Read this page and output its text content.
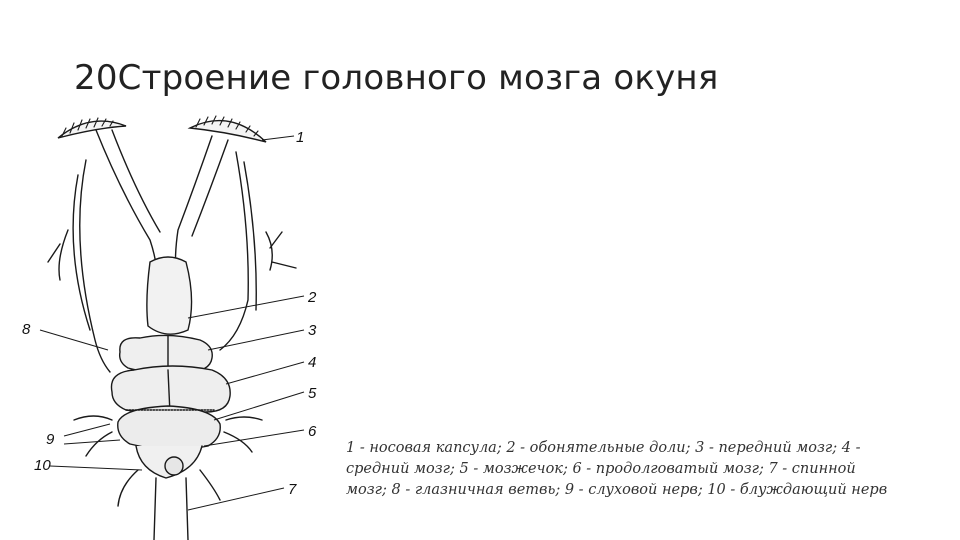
20Строение головного мозга окуня
1
2
3
4
5
6
7
8
9
10
1 - носовая капсула; 2 - обонятельные доли; 3 - передний мозг; 4 -
средний мозг; 5 - мозжечок; 6 - продолговатый мозг; 7 - спинной
мозг; 8 - глазничная ветвь; 9 - слуховой нерв; 10 - блуждающий нерв
